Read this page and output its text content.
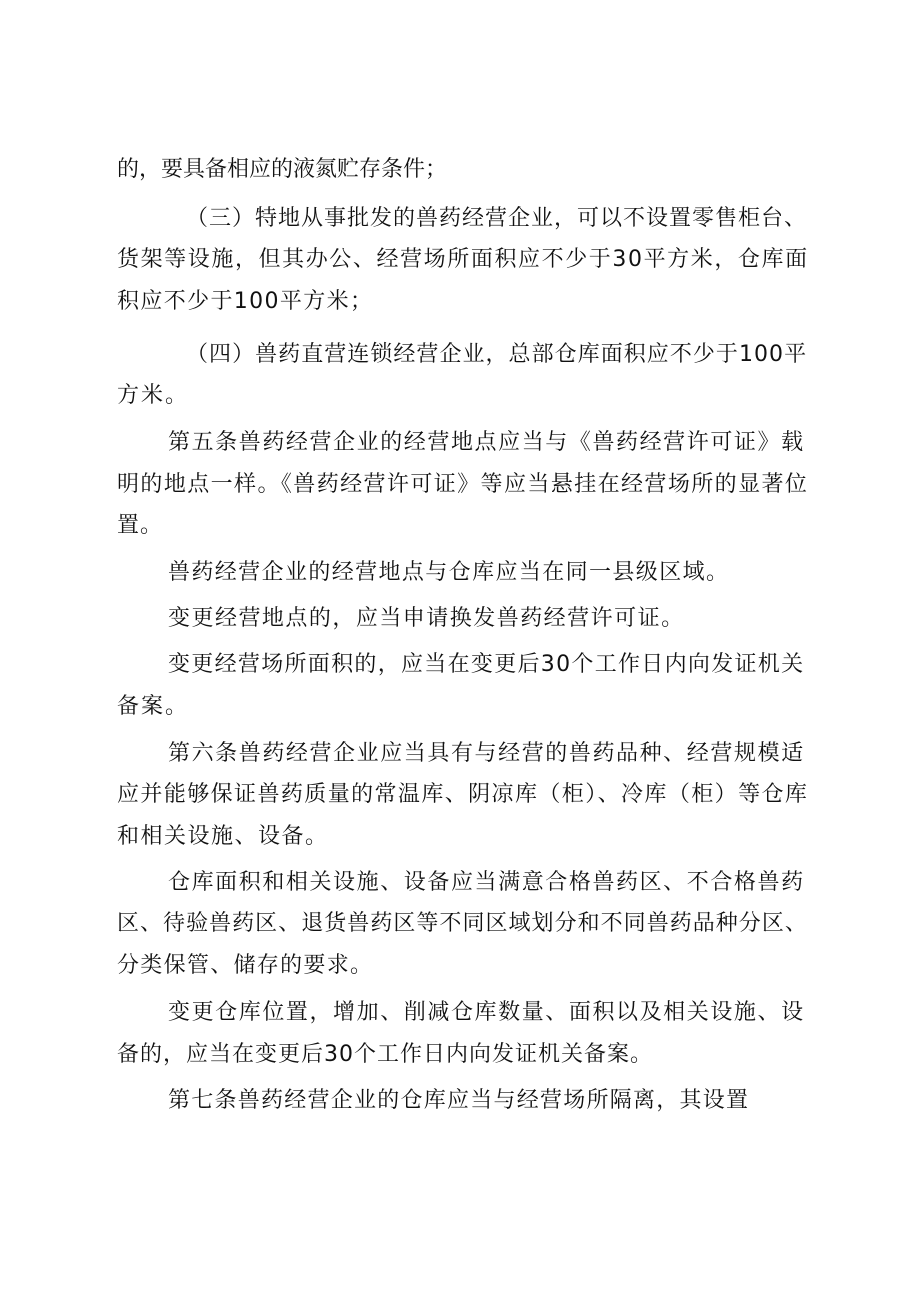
的，要具备相应的液氮贮存条件；

（三）特地从事批发的兽药经营企业，可以不设置零售柜台、

货架等设施，但其办公、经营场所面积应不少于30平方米，仓库面

积应不少于100平方米；

（四）兽药直营连锁经营企业，总部仓库面积应不少于100平

方米。

第五条兽药经营企业的经营地点应当与《兽药经营许可证》载

明的地点一样。《兽药经营许可证》等应当悬挂在经营场所的显著位

置。

兽药经营企业的经营地点与仓库应当在同一县级区域。

变更经营地点的，应当申请换发兽药经营许可证。

变更经营场所面积的，应当在变更后30个工作日内向发证机关

备案。

第六条兽药经营企业应当具有与经营的兽药品种、经营规模适

应并能够保证兽药质量的常温库、阴凉库（柜）、冷库（柜）等仓库

和相关设施、设备。

仓库面积和相关设施、设备应当满意合格兽药区、不合格兽药

区、待验兽药区、退货兽药区等不同区域划分和不同兽药品种分区、

分类保管、储存的要求。

变更仓库位置，增加、削减仓库数量、面积以及相关设施、设

备的，应当在变更后30个工作日内向发证机关备案。

第七条兽药经营企业的仓库应当与经营场所隔离，其设置
